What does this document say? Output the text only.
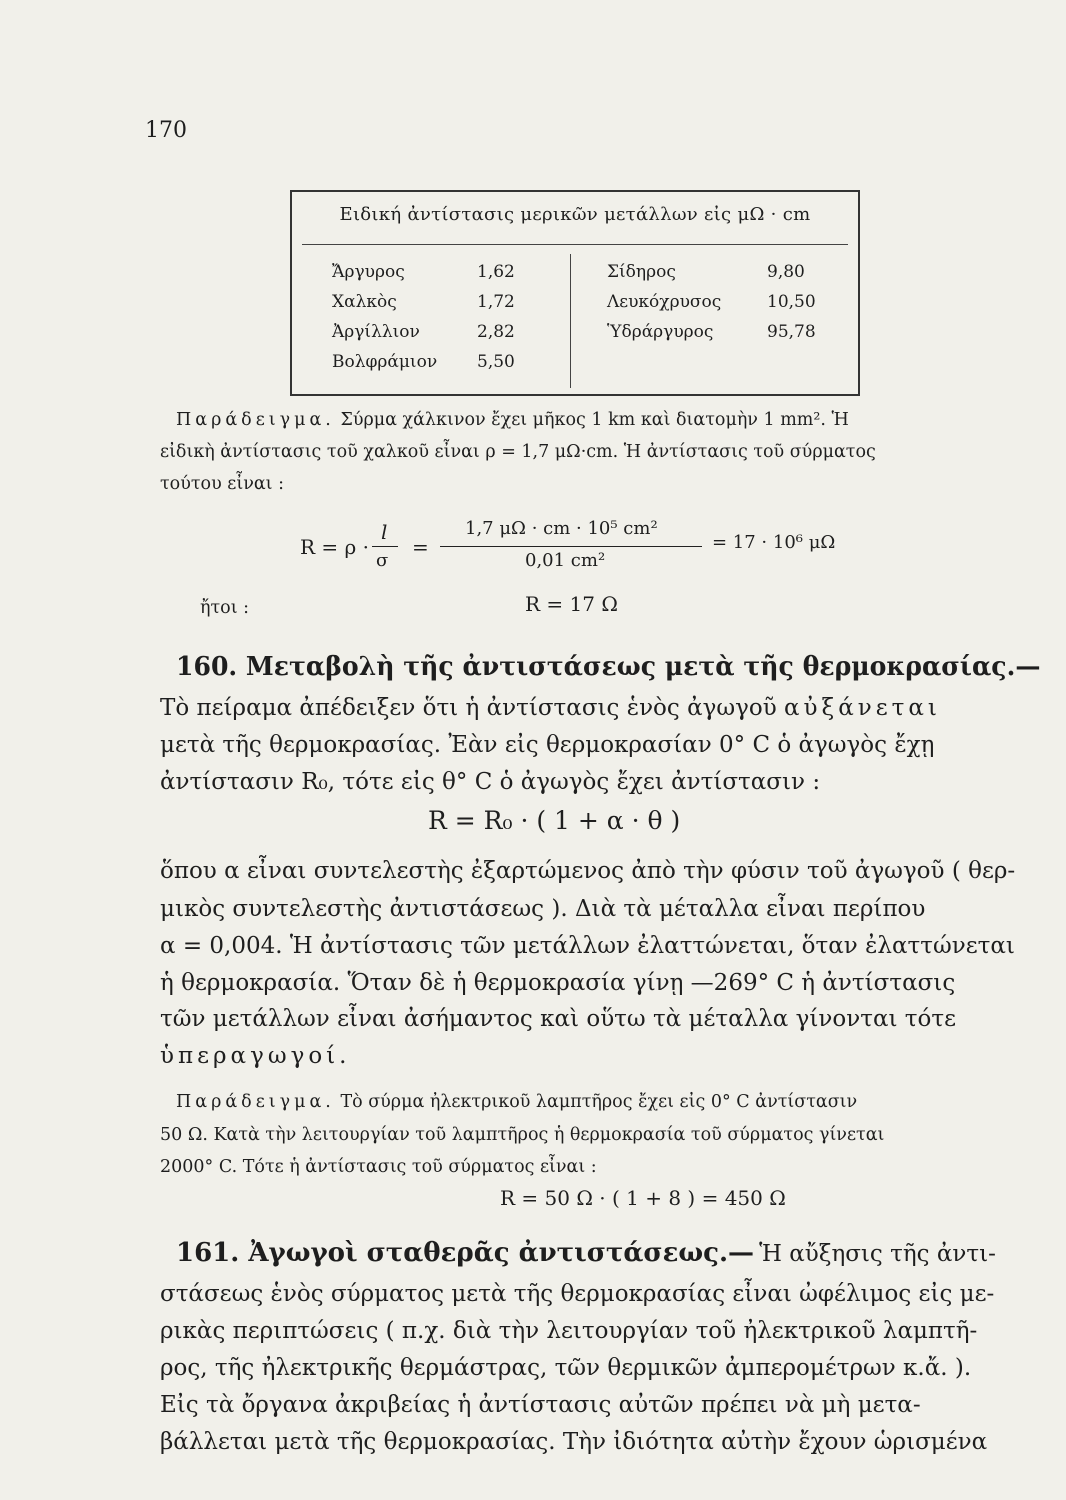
170
Ειδική ἀντίστασις μερικῶν μετάλλων εἰς μΩ · cm
Ἄργυρος	1,62
Χαλκὸς	1,72
Ἀργίλλιον	2,82
Βολφράμιον 5,50
Σίδηρος	9,80
Λευκόχρυσος	10,50
Ὑδράργυρος	95,78
Παράδειγμα. Σύρμα χάλκινον ἔχει μῆκος 1 km καὶ διατομὴν 1 mm². Ἡ
εἰδικὴ ἀντίστασις τοῦ χαλκοῦ εἶναι ρ = 1,7 μΩ·cm. Ἡ ἀντίστασις τοῦ σύρματος
τούτου εἶναι :
R = ρ ·
l
σ
=
1,7 μΩ · cm · 10⁵ cm²
0,01 cm²
= 17 · 10⁶ μΩ
ἤτοι :	R = 17 Ω
160. Μεταβολὴ τῆς ἀντιστάσεως μετὰ τῆς θερμοκρασίας.—
Τὸ πείραμα ἀπέδειξεν ὅτι ἡ ἀντίστασις ἑνὸς ἀγωγοῦ αὐξάνεται
μετὰ τῆς θερμοκρασίας. Ἐὰν εἰς θερμοκρασίαν 0° C ὁ ἀγωγὸς ἔχῃ
ἀντίστασιν R₀, τότε εἰς θ° C ὁ ἀγωγὸς ἔχει ἀντίστασιν :
R = R₀ · ( 1 + α · θ )
ὅπου α εἶναι συντελεστὴς ἐξαρτώμενος ἀπὸ τὴν φύσιν τοῦ ἀγωγοῦ ( θερ-
μικὸς συντελεστὴς ἀντιστάσεως ). Διὰ τὰ μέταλλα εἶναι περίπου
α = 0,004. Ἡ ἀντίστασις τῶν μετάλλων ἐλαττώνεται, ὅταν ἐλαττώνεται
ἡ θερμοκρασία. Ὅταν δὲ ἡ θερμοκρασία γίνῃ —269° C ἡ ἀντίστασις
τῶν μετάλλων εἶναι ἀσήμαντος καὶ οὕτω τὰ μέταλλα γίνονται τότε
ὑπεραγωγοί.
Παράδειγμα. Τὸ σύρμα ἠλεκτρικοῦ λαμπτῆρος ἔχει εἰς 0° C ἀντίστασιν
50 Ω. Κατὰ τὴν λειτουργίαν τοῦ λαμπτῆρος ἡ θερμοκρασία τοῦ σύρματος γίνεται
2000° C. Τότε ἡ ἀντίστασις τοῦ σύρματος εἶναι :
R = 50 Ω · ( 1 + 8 ) = 450 Ω
161. Ἀγωγοὶ σταθερᾶς ἀντιστάσεως.— Ἡ αὔξησις τῆς ἀντι-
στάσεως ἑνὸς σύρματος μετὰ τῆς θερμοκρασίας εἶναι ὠφέλιμος εἰς με-
ρικὰς περιπτώσεις ( π.χ. διὰ τὴν λειτουργίαν τοῦ ἠλεκτρικοῦ λαμπτῆ-
ρος, τῆς ἠλεκτρικῆς θερμάστρας, τῶν θερμικῶν ἀμπερομέτρων κ.ἄ. ).
Εἰς τὰ ὄργανα ἀκριβείας ἡ ἀντίστασις αὐτῶν πρέπει νὰ μὴ μετα-
βάλλεται μετὰ τῆς θερμοκρασίας. Τὴν ἰδιότητα αὐτὴν ἔχουν ὡρισμένα
